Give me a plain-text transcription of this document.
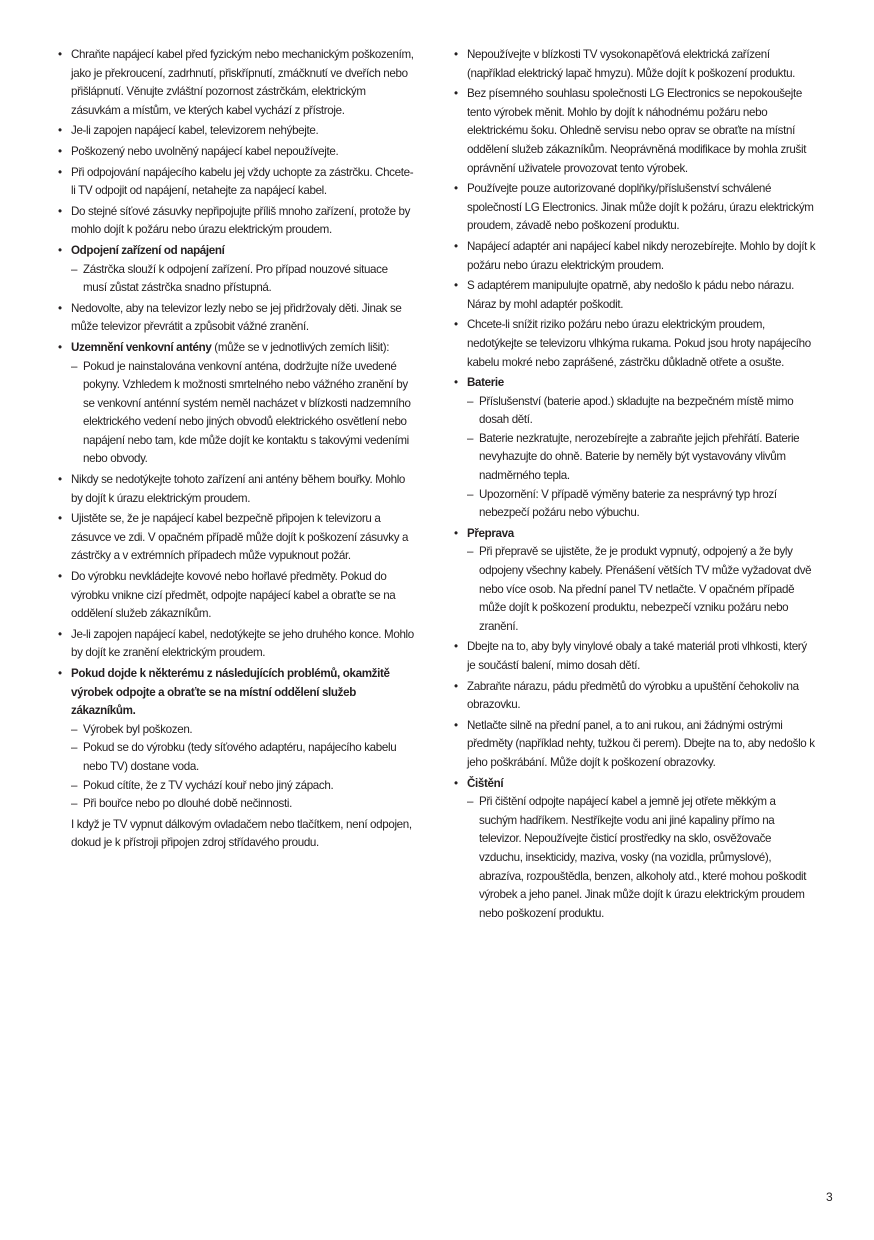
• Chraňte napájecí kabel před fyzickým nebo mechanickým poškozením, jako je překroucení, zadrhnutí, přiskřípnutí, zmáčknutí ve dveřích nebo přišlápnutí. Věnujte zvláštní pozornost zástrčkám, elektrickým zásuvkám a místům, ve kterých kabel vychází z přístroje.
• Je-li zapojen napájecí kabel, televizorem nehýbejte.
• Poškozený nebo uvolněný napájecí kabel nepoužívejte.
• Při odpojování napájecího kabelu jej vždy uchopte za zástrčku. Chcete-li TV odpojit od napájení, netahejte za napájecí kabel.
• Do stejné síťové zásuvky nepřipojujte příliš mnoho zařízení, protože by mohlo dojít k požáru nebo úrazu elektrickým proudem.
• Odpojení zařízení od napájení
– Zástrčka slouží k odpojení zařízení. Pro případ nouzové situace musí zůstat zástrčka snadno přístupná.
• Nedovolte, aby na televizor lezly nebo se jej přidržovaly děti. Jinak se může televizor převrátit a způsobit vážné zranění.
• Uzemnění venkovní antény (může se v jednotlivých zemích lišit):
– Pokud je nainstalována venkovní anténa, dodržujte níže uvedené pokyny. Vzhledem k možnosti smrtelného nebo vážného zranění by se venkovní anténní systém neměl nacházet v blízkosti nadzemního elektrického vedení nebo jiných obvodů elektrického osvětlení nebo napájení nebo tam, kde může dojít ke kontaktu s takovými vedeními nebo obvody.
• Nikdy se nedotýkejte tohoto zařízení ani antény během bouřky. Mohlo by dojít k úrazu elektrickým proudem.
• Ujistěte se, že je napájecí kabel bezpečně připojen k televizoru a zásuvce ve zdi. V opačném případě může dojít k poškození zásuvky a zástrčky a v extrémních případech může vypuknout požár.
• Do výrobku nevkládejte kovové nebo hořlavé předměty. Pokud do výrobku vnikne cizí předmět, odpojte napájecí kabel a obraťte se na oddělení služeb zákazníkům.
• Je-li zapojen napájecí kabel, nedotýkejte se jeho druhého konce. Mohlo by dojít ke zranění elektrickým proudem.
• Pokud dojde k některému z následujících problémů, okamžitě výrobek odpojte a obraťte se na místní oddělení služeb zákazníkům.
– Výrobek byl poškozen.
– Pokud se do výrobku (tedy síťového adaptéru, napájecího kabelu nebo TV) dostane voda.
– Pokud cítíte, že z TV vychází kouř nebo jiný zápach.
– Při bouřce nebo po dlouhé době nečinnosti.
I když je TV vypnut dálkovým ovladačem nebo tlačítkem, není odpojen, dokud je k přístroji připojen zdroj střídavého proudu.
• Nepoužívejte v blízkosti TV vysokonapěťová elektrická zařízení (například elektrický lapač hmyzu). Může dojít k poškození produktu.
• Bez písemného souhlasu společnosti LG Electronics se nepokoušejte tento výrobek měnit. Mohlo by dojít k náhodnému požáru nebo elektrickému šoku. Ohledně servisu nebo oprav se obraťte na místní oddělení služeb zákazníkům. Neoprávněná modifikace by mohla zrušit oprávnění uživatele provozovat tento výrobek.
• Používejte pouze autorizované doplňky/příslušenství schválené společností LG Electronics. Jinak může dojít k požáru, úrazu elektrickým proudem, závadě nebo poškození produktu.
• Napájecí adaptér ani napájecí kabel nikdy nerozebírejte. Mohlo by dojít k požáru nebo úrazu elektrickým proudem.
• S adaptérem manipulujte opatrně, aby nedošlo k pádu nebo nárazu. Náraz by mohl adaptér poškodit.
• Chcete-li snížit riziko požáru nebo úrazu elektrickým proudem, nedotýkejte se televizoru vlhkýma rukama. Pokud jsou hroty napájecího kabelu mokré nebo zaprášené, zástrčku důkladně otřete a osušte.
• Baterie
– Příslušenství (baterie apod.) skladujte na bezpečném místě mimo dosah dětí.
– Baterie nezkratujte, nerozebírejte a zabraňte jejich přehřátí. Baterie nevyhazujte do ohně. Baterie by neměly být vystavovány vlivům nadměrného tepla.
– Upozornění: V případě výměny baterie za nesprávný typ hrozí nebezpečí požáru nebo výbuchu.
• Přeprava
– Při přepravě se ujistěte, že je produkt vypnutý, odpojený a že byly odpojeny všechny kabely. Přenášení větších TV může vyžadovat dvě nebo více osob. Na přední panel TV netlačte. V opačném případě může dojít k poškození produktu, nebezpečí vzniku požáru nebo zranění.
• Dbejte na to, aby byly vinylové obaly a také materiál proti vlhkosti, který je součástí balení, mimo dosah dětí.
• Zabraňte nárazu, pádu předmětů do výrobku a upuštění čehokoliv na obrazovku.
• Netlačte silně na přední panel, a to ani rukou, ani žádnými ostrými předměty (například nehty, tužkou či perem). Dbejte na to, aby nedošlo k jeho poškrábání. Může dojít k poškození obrazovky.
• Čištění
– Při čištění odpojte napájecí kabel a jemně jej otřete měkkým a suchým hadříkem. Nestříkejte vodu ani jiné kapaliny přímo na televizor. Nepoužívejte čisticí prostředky na sklo, osvěžovače vzduchu, insekticidy, maziva, vosky (na vozidla, průmyslové), abrazíva, rozpouštědla, benzen, alkoholy atd., které mohou poškodit výrobek a jeho panel. Jinak může dojít k úrazu elektrickým proudem nebo poškození produktu.
3
